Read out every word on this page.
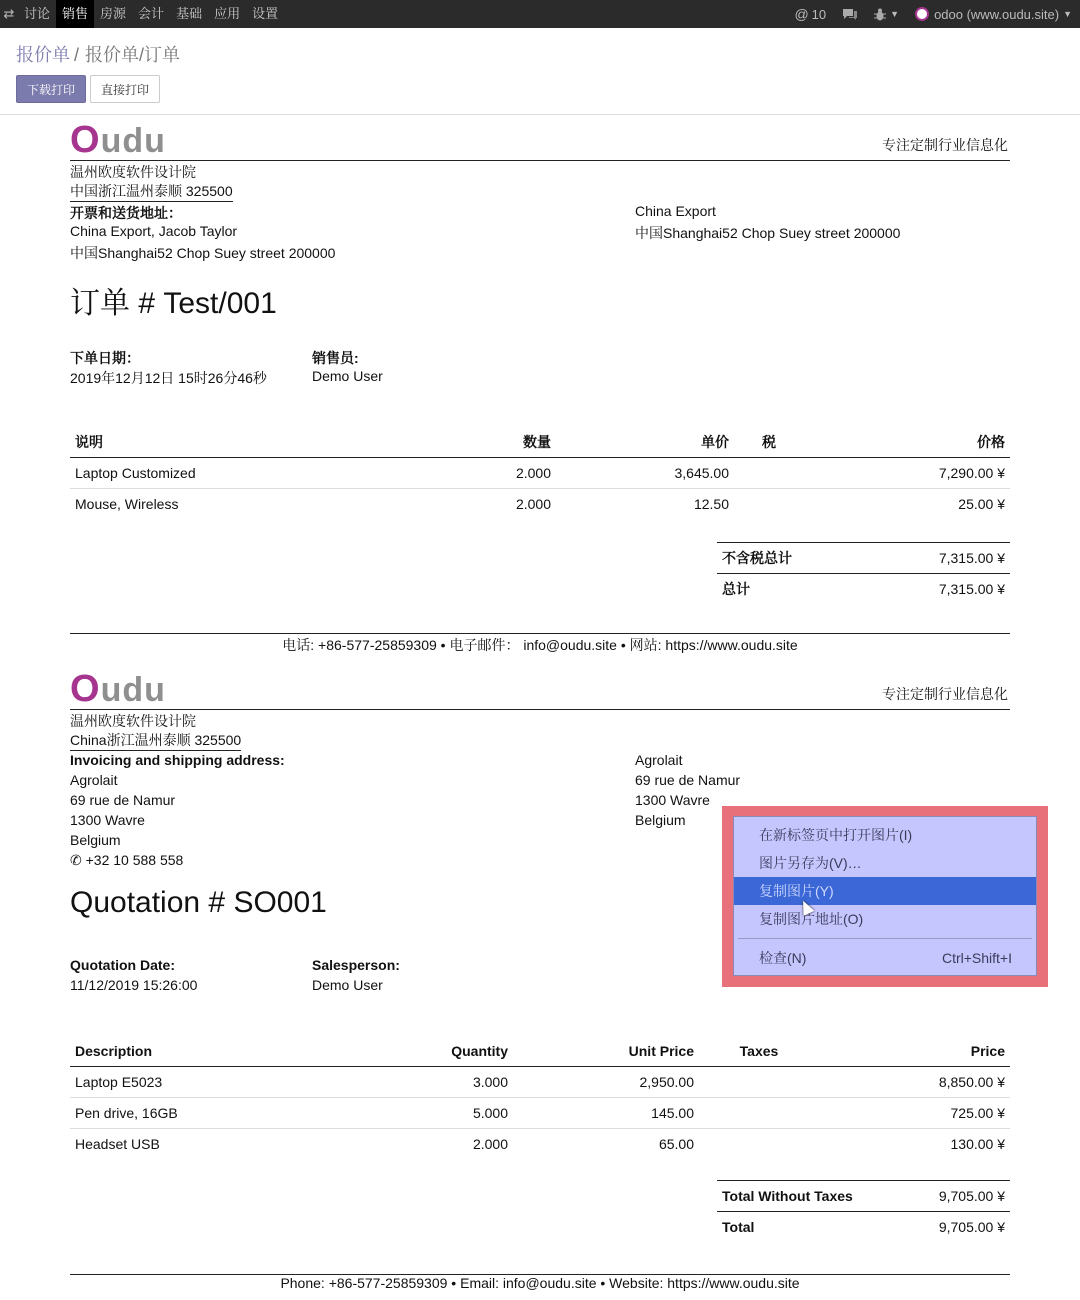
⇄ 讨论 销售 房源 会计 基础 应用 设置	@ 10	▼	odoo (www.oudu.site) ▼
报价单 / 报价单/订单
下载打印	直接打印
Oudu	专注定制行业信息化
温州欧度软件设计院
中国浙江温州泰顺 325500
开票和送货地址：
China Export, Jacob Taylor
中国Shanghai52 Chop Suey street 200000
China Export
中国Shanghai52 Chop Suey street 200000
订单 # Test/001
下单日期：
2019年12月12日 15时26分46秒
销售员:
Demo User
说明	数量	单价	税	价格
Laptop Customized	2.000	3,645.00		7,290.00 ¥
Mouse, Wireless	2.000	12.50		25.00 ¥
不含税总计	7,315.00 ¥
总计	7,315.00 ¥
电话: +86-577-25859309 • 电子邮件： info@oudu.site • 网站: https://www.oudu.site
Oudu	专注定制行业信息化
温州欧度软件设计院
China浙江温州泰顺 325500
Invoicing and shipping address:
Agrolait
69 rue de Namur
1300 Wavre
Belgium
✆ +32 10 588 558
Agrolait
69 rue de Namur
1300 Wavre
Belgium
Quotation # SO001
Quotation Date:
11/12/2019 15:26:00
Salesperson:
Demo User
Description	Quantity	Unit Price	Taxes	Price
Laptop E5023	3.000	2,950.00		8,850.00 ¥
Pen drive, 16GB	5.000	145.00		725.00 ¥
Headset USB	2.000	65.00		130.00 ¥
Total Without Taxes	9,705.00 ¥
Total	9,705.00 ¥
Phone: +86-577-25859309 • Email: info@oudu.site • Website: https://www.oudu.site
在新标签页中打开图片(I)
图片另存为(V)…
复制图片(Y)
复制图片地址(O)
检查(N)	Ctrl+Shift+I
